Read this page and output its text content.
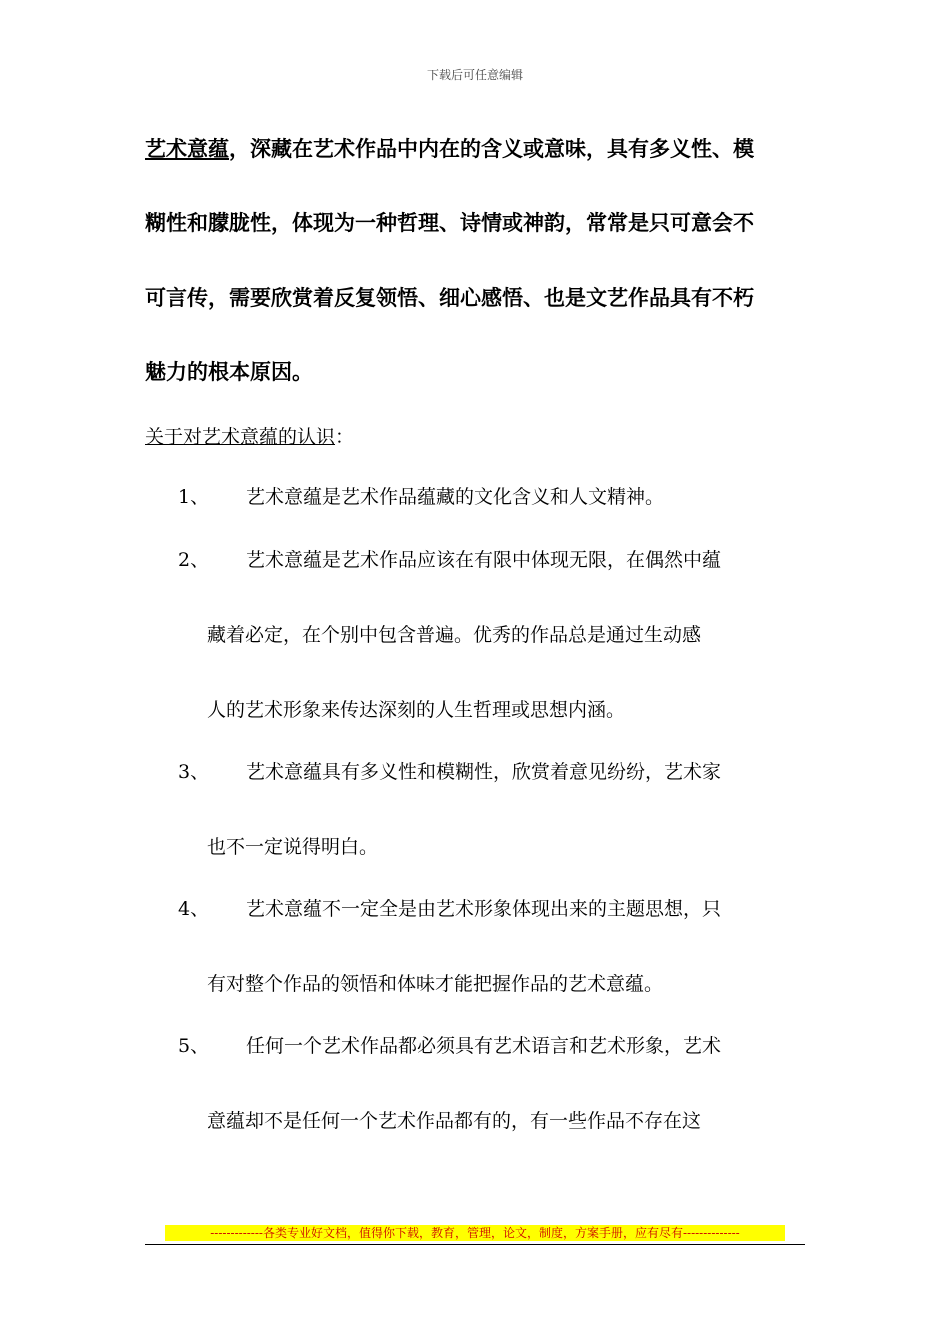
下载后可任意编辑
艺术意蕴，深藏在艺术作品中内在的含义或意味，具有多义性、模
糊性和朦胧性，体现为一种哲理、诗情或神韵，常常是只可意会不
可言传，需要欣赏着反复领悟、细心感悟、也是文艺作品具有不朽
魅力的根本原因。
关于对艺术意蕴的认识：
1、 艺术意蕴是艺术作品蕴藏的文化含义和人文精神。
2、 艺术意蕴是艺术作品应该在有限中体现无限，在偶然中蕴
藏着必定，在个别中包含普遍。优秀的作品总是通过生动感
人的艺术形象来传达深刻的人生哲理或思想内涵。
3、 艺术意蕴具有多义性和模糊性，欣赏着意见纷纷，艺术家
也不一定说得明白。
4、 艺术意蕴不一定全是由艺术形象体现出来的主题思想，只
有对整个作品的领悟和体味才能把握作品的艺术意蕴。
5、 任何一个艺术作品都必须具有艺术语言和艺术形象，艺术
意蕴却不是任何一个艺术作品都有的，有一些作品不存在这
-------------各类专业好文档，值得你下载，教育，管理，论文，制度，方案手册，应有尽有--------------
